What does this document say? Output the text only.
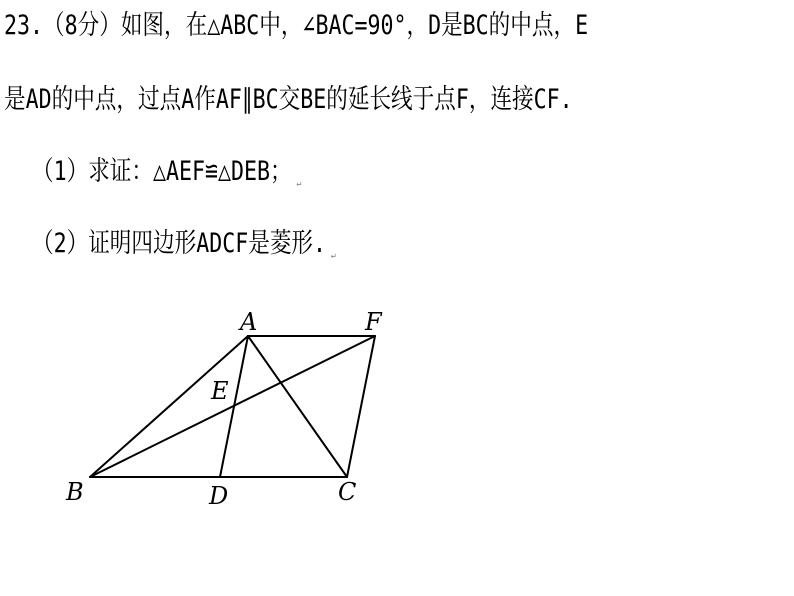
23.（8分）如图，在△ABC中，∠BAC=90°，D是BC的中点，E
是AD的中点，过点A作AF∥BC交BE的延长线于点F，连接CF.
（1）求证：△AEF≌△DEB； $_↵$
（2）证明四边形ADCF是菱形. $_↵$
A	F
E
B	D	C
